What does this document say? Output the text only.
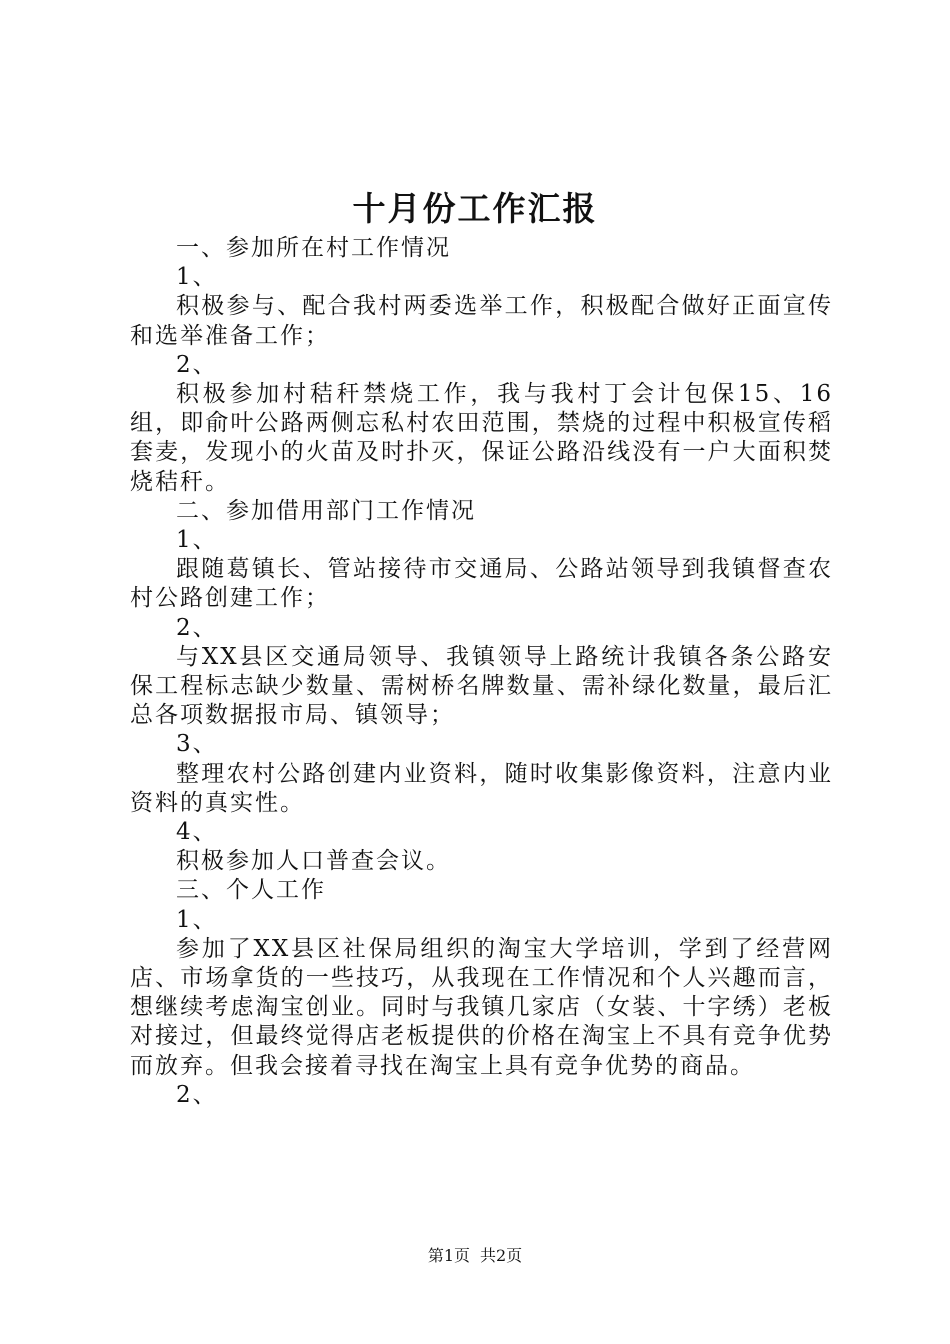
十月份工作汇报

一、参加所在村工作情况

1、

积极参与、配合我村两委选举工作，积极配合做好正面宣传和选举准备工作；

2、

积极参加村秸秆禁烧工作，我与我村丁会计包保15、16组，即俞叶公路两侧忘私村农田范围，禁烧的过程中积极宣传稻套麦，发现小的火苗及时扑灭，保证公路沿线没有一户大面积焚烧秸秆。

二、参加借用部门工作情况

1、

跟随葛镇长、管站接待市交通局、公路站领导到我镇督查农村公路创建工作；

2、

与XX县区交通局领导、我镇领导上路统计我镇各条公路安保工程标志缺少数量、需树桥名牌数量、需补绿化数量，最后汇总各项数据报市局、镇领导；

3、

整理农村公路创建内业资料，随时收集影像资料，注意内业资料的真实性。

4、

积极参加人口普查会议。

三、个人工作

1、

参加了XX县区社保局组织的淘宝大学培训，学到了经营网店、市场拿货的一些技巧，从我现在工作情况和个人兴趣而言，想继续考虑淘宝创业。同时与我镇几家店（女装、十字绣）老板对接过，但最终觉得店老板提供的价格在淘宝上不具有竞争优势而放弃。但我会接着寻找在淘宝上具有竞争优势的商品。

2、

第1页 共2页
